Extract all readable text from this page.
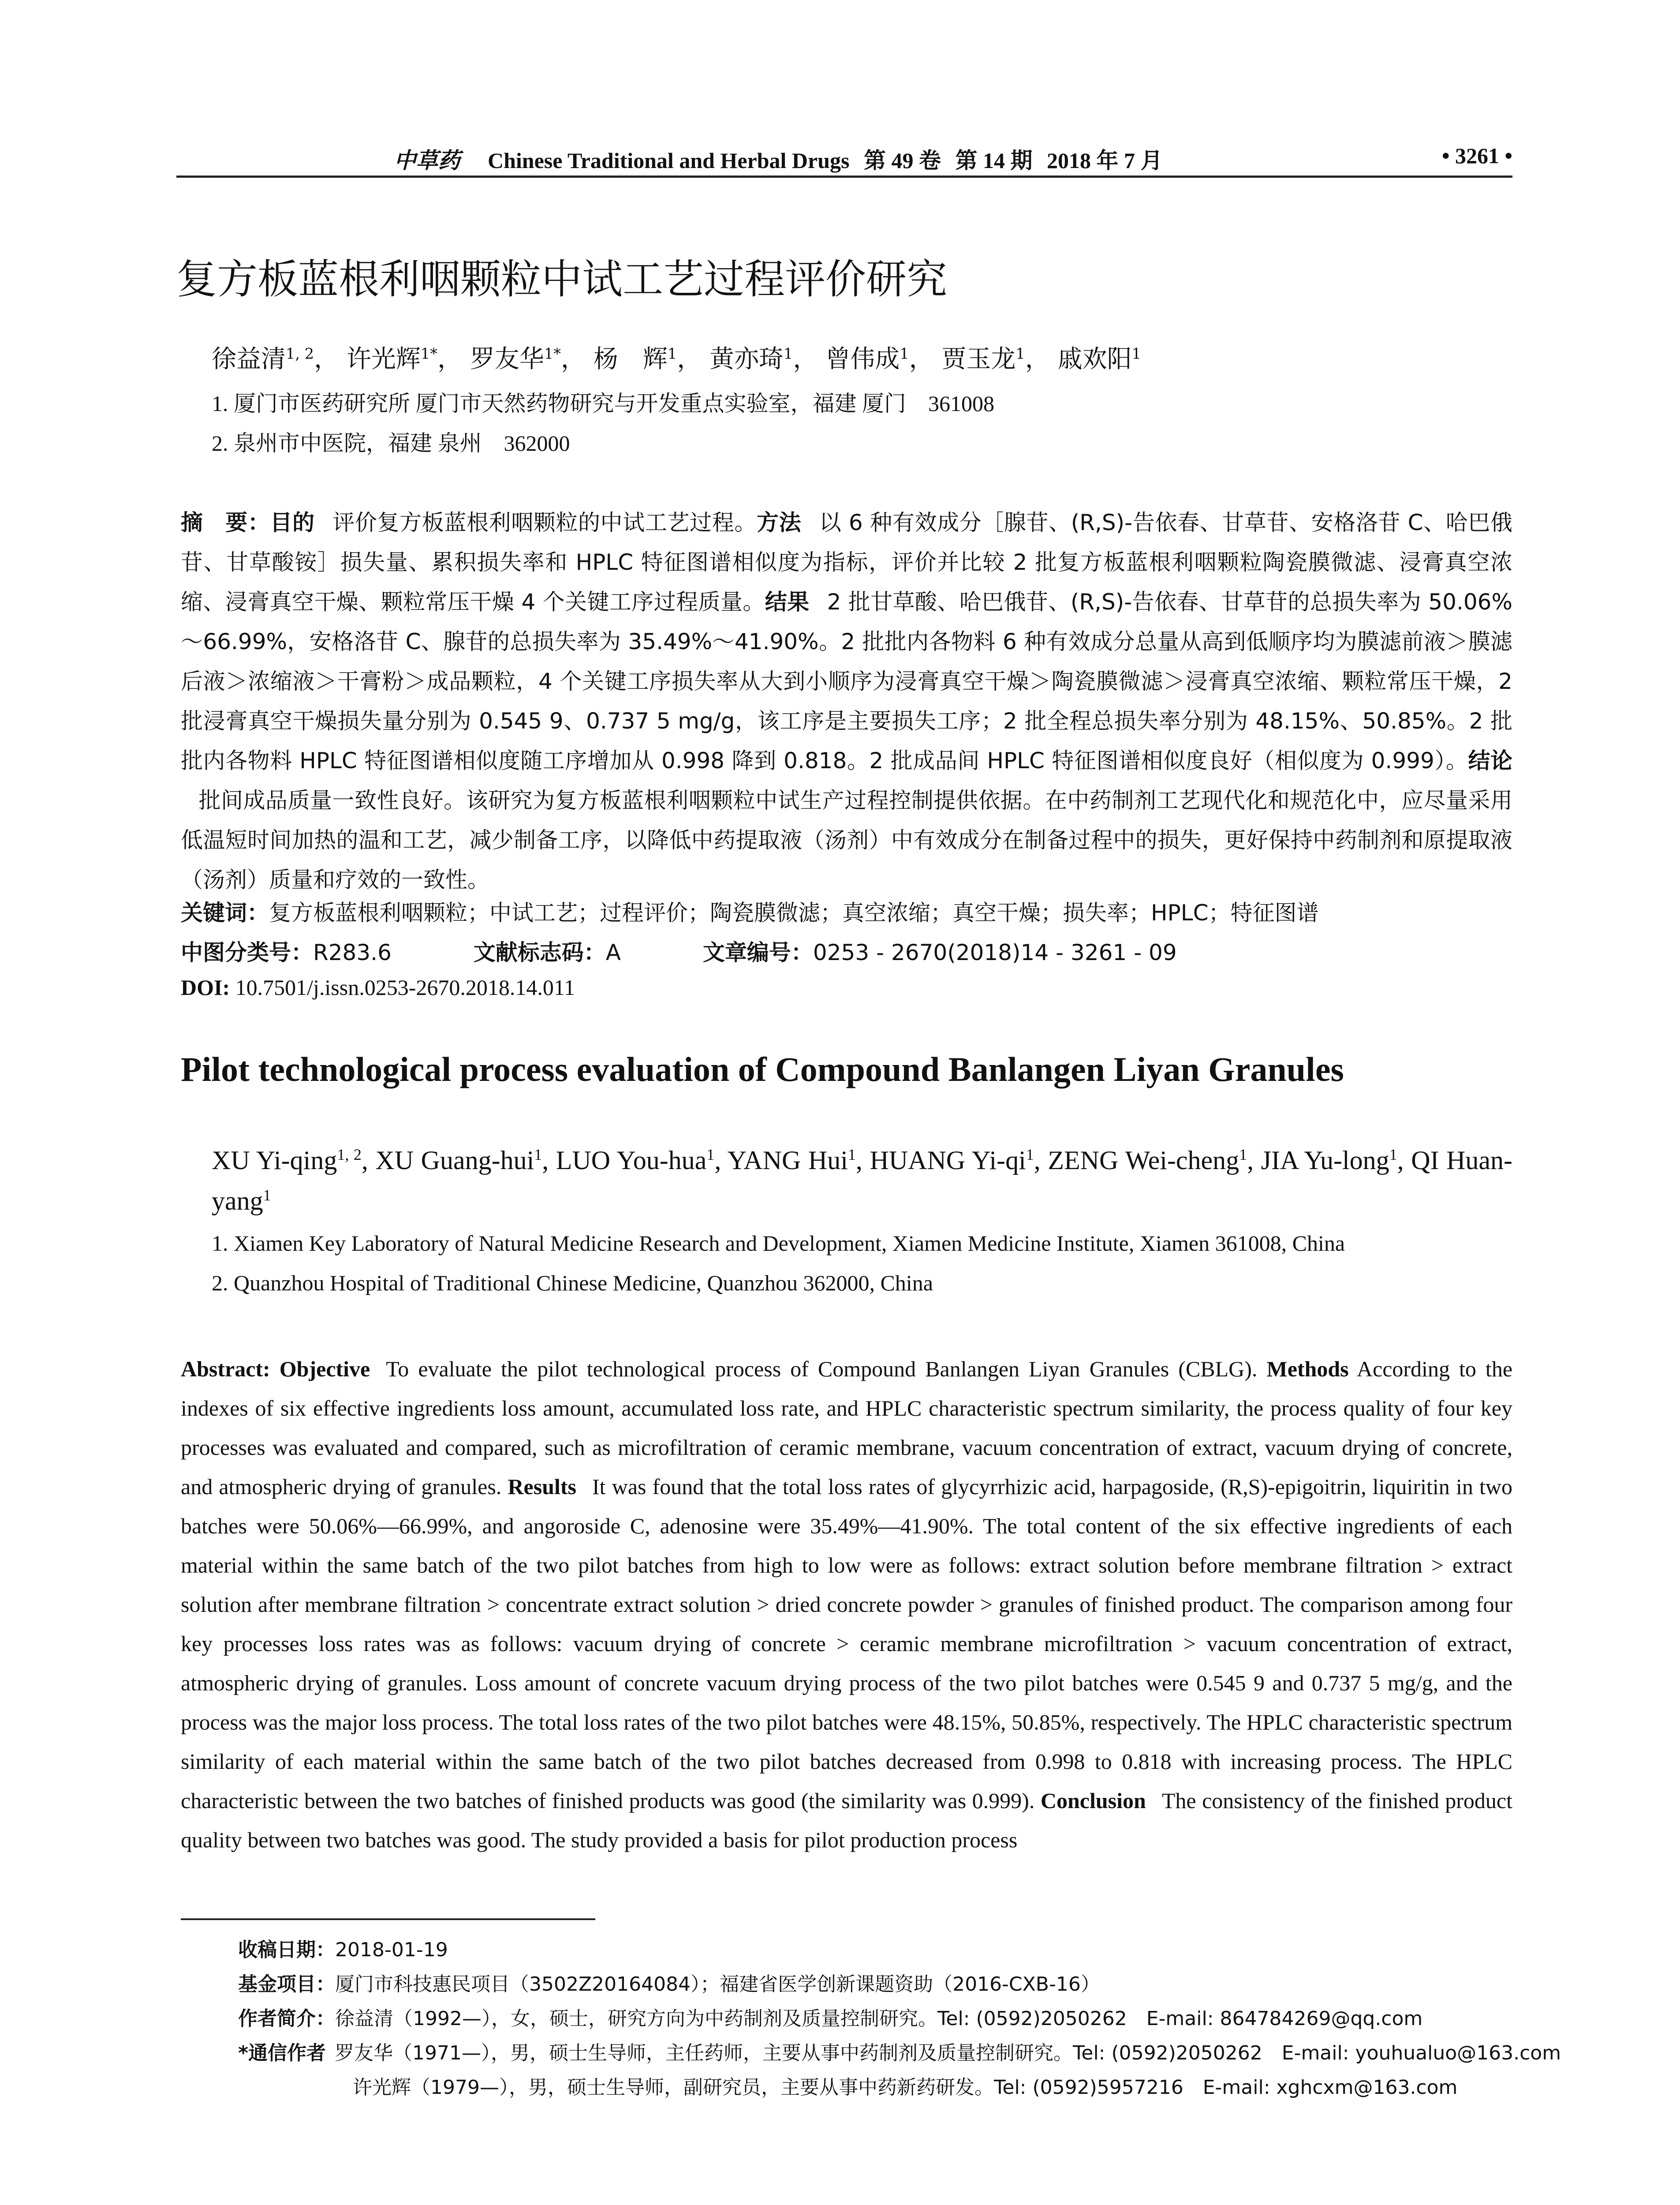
中草药 Chinese Traditional and Herbal Drugs 第 49 卷 第 14 期 2018 年 7 月	• 3261 •
复方板蓝根利咽颗粒中试工艺过程评价研究
徐益清$^{1, 2}$， 许光辉$^{1*}$， 罗友华$^{1*}$， 杨　辉$^1$， 黄亦琦$^1$， 曾伟成$^1$， 贾玉龙$^1$， 戚欢阳$^1$
1. 厦门市医药研究所 厦门市天然药物研究与开发重点实验室，福建 厦门　361008
2. 泉州市中医院，福建 泉州　362000
摘　要：目的 评价复方板蓝根利咽颗粒的中试工艺过程。方法 以 6 种有效成分［腺苷、(R,S)-告依春、甘草苷、安格洛苷 C、哈巴俄苷、甘草酸铵］损失量、累积损失率和 HPLC 特征图谱相似度为指标，评价并比较 2 批复方板蓝根利咽颗粒陶瓷膜微滤、浸膏真空浓缩、浸膏真空干燥、颗粒常压干燥 4 个关键工序过程质量。结果 2 批甘草酸、哈巴俄苷、(R,S)-告依春、甘草苷的总损失率为 50.06%～66.99%，安格洛苷 C、腺苷的总损失率为 35.49%～41.90%。2 批批内各物料 6 种有效成分总量从高到低顺序均为膜滤前液＞膜滤后液＞浓缩液＞干膏粉＞成品颗粒，4 个关键工序损失率从大到小顺序为浸膏真空干燥＞陶瓷膜微滤＞浸膏真空浓缩、颗粒常压干燥，2 批浸膏真空干燥损失量分别为 0.545 9、0.737 5 mg/g，该工序是主要损失工序；2 批全程总损失率分别为 48.15%、50.85%。2 批批内各物料 HPLC 特征图谱相似度随工序增加从 0.998 降到 0.818。2 批成品间 HPLC 特征图谱相似度良好（相似度为 0.999）。结论批间成品质量一致性良好。该研究为复方板蓝根利咽颗粒中试生产过程控制提供依据。在中药制剂工艺现代化和规范化中，应尽量采用低温短时间加热的温和工艺，减少制备工序，以降低中药提取液（汤剂）中有效成分在制备过程中的损失，更好保持中药制剂和原提取液（汤剂）质量和疗效的一致性。
关键词：复方板蓝根利咽颗粒；中试工艺；过程评价；陶瓷膜微滤；真空浓缩；真空干燥；损失率；HPLC；特征图谱
中图分类号：R283.6	文献标志码：A	文章编号：0253 - 2670(2018)14 - 3261 - 09
DOI: 10.7501/j.issn.0253-2670.2018.14.011
Pilot technological process evaluation of Compound Banlangen Liyan Granules
XU Yi-qing$^{1, 2}$, XU Guang-hui$^1$, LUO You-hua$^1$, YANG Hui$^1$, HUANG $Yi-qi^1$, ZENG Wei-cheng$^1$, JIA Yu-long$^1$, QI Huan-yang$^1$
1. Xiamen Key Laboratory of Natural Medicine Research and Development, Xiamen Medicine Institute, Xiamen 361008, China
2. Quanzhou Hospital of Traditional Chinese Medicine, Quanzhou 362000, China
Abstract: Objective To evaluate the pilot technological process of Compound Banlangen Liyan Granules (CBLG). Methods According to the indexes of six effective ingredients loss amount, accumulated loss rate, and HPLC characteristic spectrum similarity, the process quality of four key processes was evaluated and compared, such as microfiltration of ceramic membrane, vacuum concentration of extract, vacuum drying of concrete, and atmospheric drying of granules. Results It was found that the total loss rates of glycyrrhizic acid, harpagoside, (R,S)-epigoitrin, liquiritin in two batches were 50.06%—66.99%, and angoroside C, adenosine were 35.49%—41.90%. The total content of the six effective ingredients of each material within the same batch of the two pilot batches from high to low were as follows: extract solution before membrane filtration > extract solution after membrane filtration > concentrate extract solution > dried concrete powder > granules of finished product. The comparison among four key processes loss rates was as follows: vacuum drying of concrete > ceramic membrane microfiltration > vacuum concentration of extract, atmospheric drying of granules. Loss amount of concrete vacuum drying process of the two pilot batches were 0.545 9 and 0.737 5 mg/g, and the process was the major loss process. The total loss rates of the two pilot batches were 48.15%, 50.85%, respectively. The HPLC characteristic spectrum similarity of each material within the same batch of the two pilot batches decreased from 0.998 to 0.818 with increasing process. The HPLC characteristic between the two batches of finished products was good (the similarity was 0.999). Conclusion The consistency of the finished product quality between two batches was good. The study provided a basis for pilot production process
收稿日期：2018-01-19
基金项目：厦门市科技惠民项目（3502Z20164084）；福建省医学创新课题资助（2016-CXB-16）
作者简介：徐益清（1992—），女，硕士，研究方向为中药制剂及质量控制研究。Tel: (0592)2050262　E-mail: 864784269@qq.com
*通信作者 罗友华（1971—），男，硕士生导师，主任药师，主要从事中药制剂及质量控制研究。Tel: (0592)2050262　E-mail: youhualuo@163.com
许光辉（1979—），男，硕士生导师，副研究员，主要从事中药新药研发。Tel: (0592)5957216　E-mail: xghcxm@163.com
